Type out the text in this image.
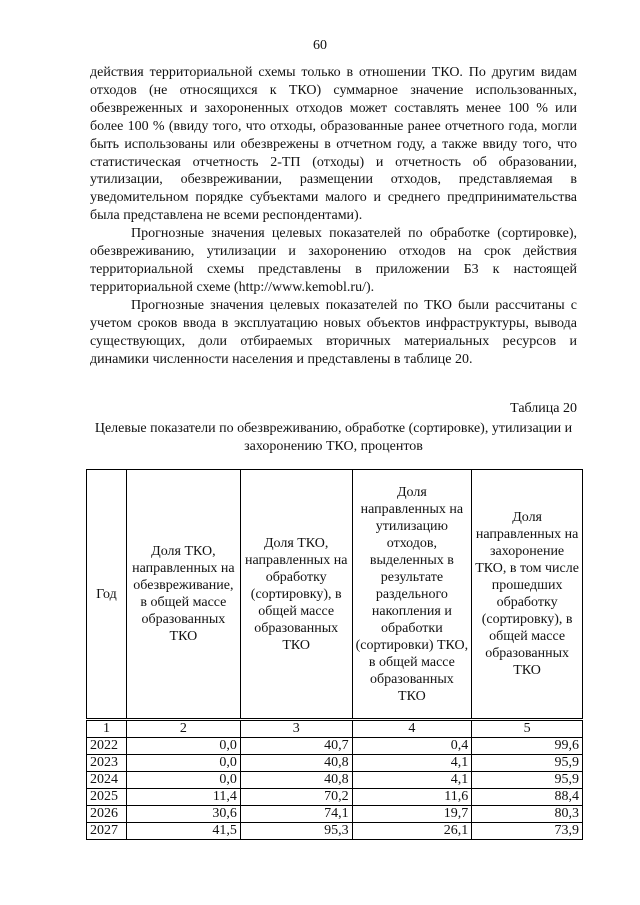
60

действия территориальной схемы только в отношении ТКО. По другим видам отходов (не относящихся к ТКО) суммарное значение использованных, обезвреженных и захороненных отходов может составлять менее 100 % или более 100 % (ввиду того, что отходы, образованные ранее отчетного года, могли быть использованы или обезврежены в отчетном году, а также ввиду того, что статистическая отчетность 2-ТП (отходы) и отчетность об образовании, утилизации, обезвреживании, размещении отходов, представляемая в уведомительном порядке субъектами малого и среднего предпринимательства была представлена не всеми респондентами).

Прогнозные значения целевых показателей по обработке (сортировке), обезвреживанию, утилизации и захоронению отходов на срок действия территориальной схемы представлены в приложении Б3 к настоящей территориальной схеме (http://www.kemobl.ru/).

Прогнозные значения целевых показателей по ТКО были рассчитаны с учетом сроков ввода в эксплуатацию новых объектов инфраструктуры, вывода существующих, доли отбираемых вторичных материальных ресурсов и динамики численности населения и представлены в таблице 20.

Таблица 20
Целевые показатели по обезвреживанию, обработке (сортировке), утилизации и захоронению ТКО, процентов
Год	Доля ТКО, направленных на обезвреживание, в общей массе образованных ТКО	Доля ТКО, направленных на обработку (сортировку), в общей массе образованных ТКО	Доля направленных на утилизацию отходов, выделенных в результате раздельного накопления и обработки (сортировки) ТКО, в общей массе образованных ТКО	Доля направленных на захоронение ТКО, в том числе прошедших обработку (сортировку), в общей массе образованных ТКО
1	2	3	4	5
2022	0,0	40,7	0,4	99,6
2023	0,0	40,8	4,1	95,9
2024	0,0	40,8	4,1	95,9
2025	11,4	70,2	11,6	88,4
2026	30,6	74,1	19,7	80,3
2027	41,5	95,3	26,1	73,9
